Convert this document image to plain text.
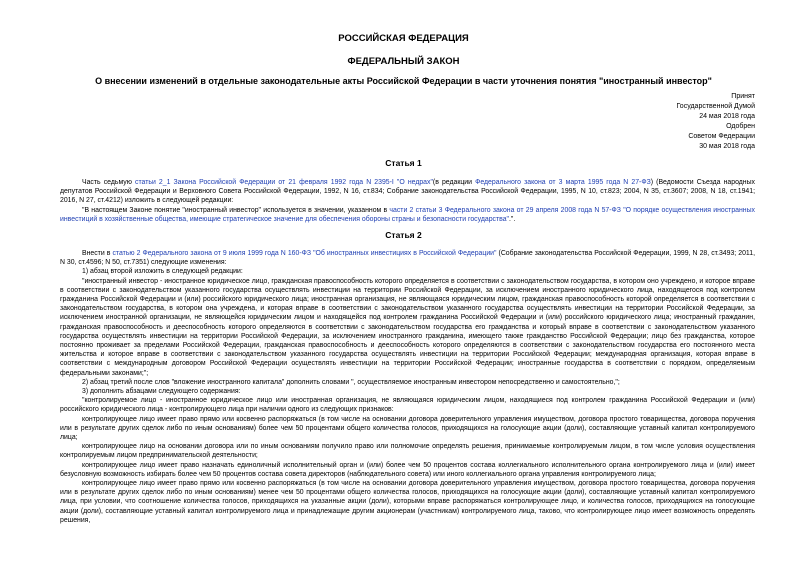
РОССИЙСКАЯ ФЕДЕРАЦИЯ
ФЕДЕРАЛЬНЫЙ ЗАКОН
О внесении изменений в отдельные законодательные акты Российской Федерации в части уточнения понятия "иностранный инвестор"
Принят
Государственной Думой
24 мая 2018 года
Одобрен
Советом Федерации
30 мая 2018 года
Статья 1

Часть седьмую статьи 2_1 Закона Российской Федерации от 21 февраля 1992 года N 2395-I "О недрах"(в редакции Федерального закона от 3 марта 1995 года N 27-ФЗ) (Ведомости Съезда народных депутатов Российской Федерации и Верховного Совета Российской Федерации, 1992, N 16, ст.834; Собрание законодательства Российской Федерации, 1995, N 10, ст.823; 2004, N 35, ст.3607; 2008, N 18, ст.1941; 2016, N 27, ст.4212) изложить в следующей редакции:

"В настоящем Законе понятие "иностранный инвестор" используется в значении, указанном в части 2 статьи 3 Федерального закона от 29 апреля 2008 года N 57-ФЗ "О порядке осуществления иностранных инвестиций в хозяйственные общества, имеющие стратегическое значение для обеспечения обороны страны и безопасности государства".".

Статья 2

Внести в статью 2 Федерального закона от 9 июля 1999 года N 160-ФЗ "Об иностранных инвестициях в Российской Федерации" (Собрание законодательства Российской Федерации, 1999, N 28, ст.3493; 2011, N 30, ст.4596; N 50, ст.7351) следующие изменения:

1) абзац второй изложить в следующей редакции:

"иностранный инвестор - иностранное юридическое лицо, гражданская правоспособность которого определяется в соответствии с законодательством государства, в котором оно учреждено, и которое вправе в соответствии с законодательством указанного государства осуществлять инвестиции на территории Российской Федерации, за исключением иностранного юридического лица, находящегося под контролем гражданина Российской Федерации и (или) российского юридического лица; иностранная организация, не являющаяся юридическим лицом, гражданская правоспособность которой определяется в соответствии с законодательством государства, в котором она учреждена, и которая вправе в соответствии с законодательством указанного государства осуществлять инвестиции на территории Российской Федерации, за исключением иностранной организации, не являющейся юридическим лицом и находящейся под контролем гражданина Российской Федерации и (или) российского юридического лица; иностранный гражданин, гражданская правоспособность и дееспособность которого определяются в соответствии с законодательством государства его гражданства и который вправе в соответствии с законодательством указанного государства осуществлять инвестиции на территории Российской Федерации, за исключением иностранного гражданина, имеющего также гражданство Российской Федерации; лицо без гражданства, которое постоянно проживает за пределами Российской Федерации, гражданская правоспособность и дееспособность которого определяются в соответствии с законодательством государства его постоянного места жительства и которое вправе в соответствии с законодательством указанного государства осуществлять инвестиции на территории Российской Федерации; международная организация, которая вправе в соответствии с международным договором Российской Федерации осуществлять инвестиции на территории Российской Федерации; иностранные государства в соответствии с порядком, определяемым федеральными законами;";

2) абзац третий после слов "вложение иностранного капитала" дополнить словами ", осуществляемое иностранным инвестором непосредственно и самостоятельно,";

3) дополнить абзацами следующего содержания:

"контролируемое лицо - иностранное юридическое лицо или иностранная организация, не являющаяся юридическим лицом, находящиеся под контролем гражданина Российской Федерации и (или) российского юридического лица - контролирующего лица при наличии одного из следующих признаков:

контролирующее лицо имеет право прямо или косвенно распоряжаться (в том числе на основании договора доверительного управления имуществом, договора простого товарищества, договора поручения или в результате других сделок либо по иным основаниям) более чем 50 процентами общего количества голосов, приходящихся на голосующие акции (доли), составляющие уставный капитал контролируемого лица;

контролирующее лицо на основании договора или по иным основаниям получило право или полномочие определять решения, принимаемые контролируемым лицом, в том числе условия осуществления контролируемым лицом предпринимательской деятельности;

контролирующее лицо имеет право назначать единоличный исполнительный орган и (или) более чем 50 процентов состава коллегиального исполнительного органа контролируемого лица и (или) имеет безусловную возможность избирать более чем 50 процентов состава совета директоров (наблюдательного совета) или иного коллегиального органа управления контролируемого лица;

контролирующее лицо имеет право прямо или косвенно распоряжаться (в том числе на основании договора доверительного управления имуществом, договора простого товарищества, договора поручения или в результате других сделок либо по иным основаниям) менее чем 50 процентами общего количества голосов, приходящихся на голосующие акции (доли), составляющие уставный капитал контролируемого лица, при условии, что соотношение количества голосов, приходящихся на указанные акции (доли), которыми вправе распоряжаться контролирующее лицо, и количества голосов, приходящихся на голосующие акции (доли), составляющие уставный капитал контролируемого лица и принадлежащие другим акционерам (участникам) контролируемого лица, таково, что контролирующее лицо имеет возможность определять решения,
